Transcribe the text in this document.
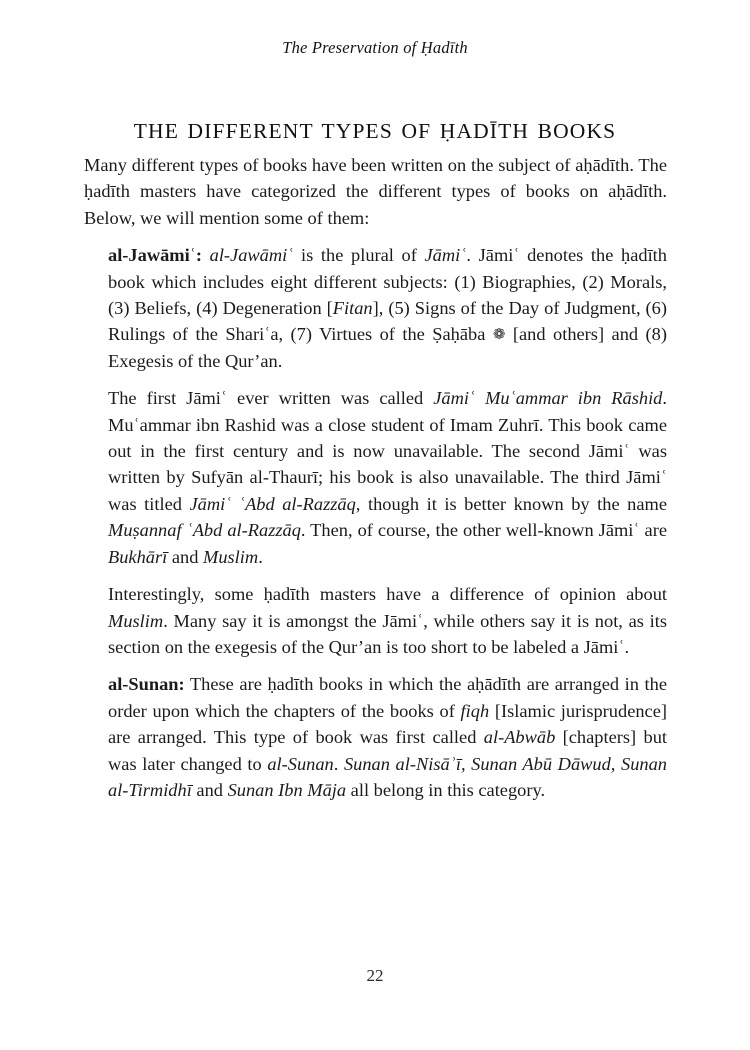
The Preservation of Ḥadīth
THE DIFFERENT TYPES OF ḤADĪTH BOOKS

Many different types of books have been written on the subject of aḥādīth. The ḥadīth masters have categorized the different types of books on aḥādīth. Below, we will mention some of them:

al-Jawāmiʿ: al-Jawāmiʿ is the plural of Jāmiʿ. Jāmiʿ denotes the ḥadīth book which includes eight different subjects: (1) Biographies, (2) Morals, (3) Beliefs, (4) Degeneration [Fitan], (5) Signs of the Day of Judgment, (6) Rulings of the Shariʿa, (7) Virtues of the Ṣaḥāba ❁ [and others] and (8) Exegesis of the Qur’an.

The first Jāmiʿ ever written was called Jāmiʿ Muʿammar ibn Rāshid. Muʿammar ibn Rashid was a close student of Imam Zuhrī. This book came out in the first century and is now unavailable. The second Jāmiʿ was written by Sufyān al-Thaurī; his book is also unavailable. The third Jāmiʿ was titled Jāmiʿ ʿAbd al-Razzāq, though it is better known by the name Muṣannaf ʿAbd al-Razzāq. Then, of course, the other well-known Jāmiʿ are Bukhārī and Muslim.

Interestingly, some ḥadīth masters have a difference of opinion about Muslim. Many say it is amongst the Jāmiʿ, while others say it is not, as its section on the exegesis of the Qur’an is too short to be labeled a Jāmiʿ.

al-Sunan: These are ḥadīth books in which the aḥādīth are arranged in the order upon which the chapters of the books of fiqh [Islamic jurisprudence] are arranged. This type of book was first called al-Abwāb [chapters] but was later changed to al-Sunan. Sunan al-Nisāʾī, Sunan Abū Dāwud, Sunan al-Tirmidhī and Sunan Ibn Māja all belong in this category.

22
